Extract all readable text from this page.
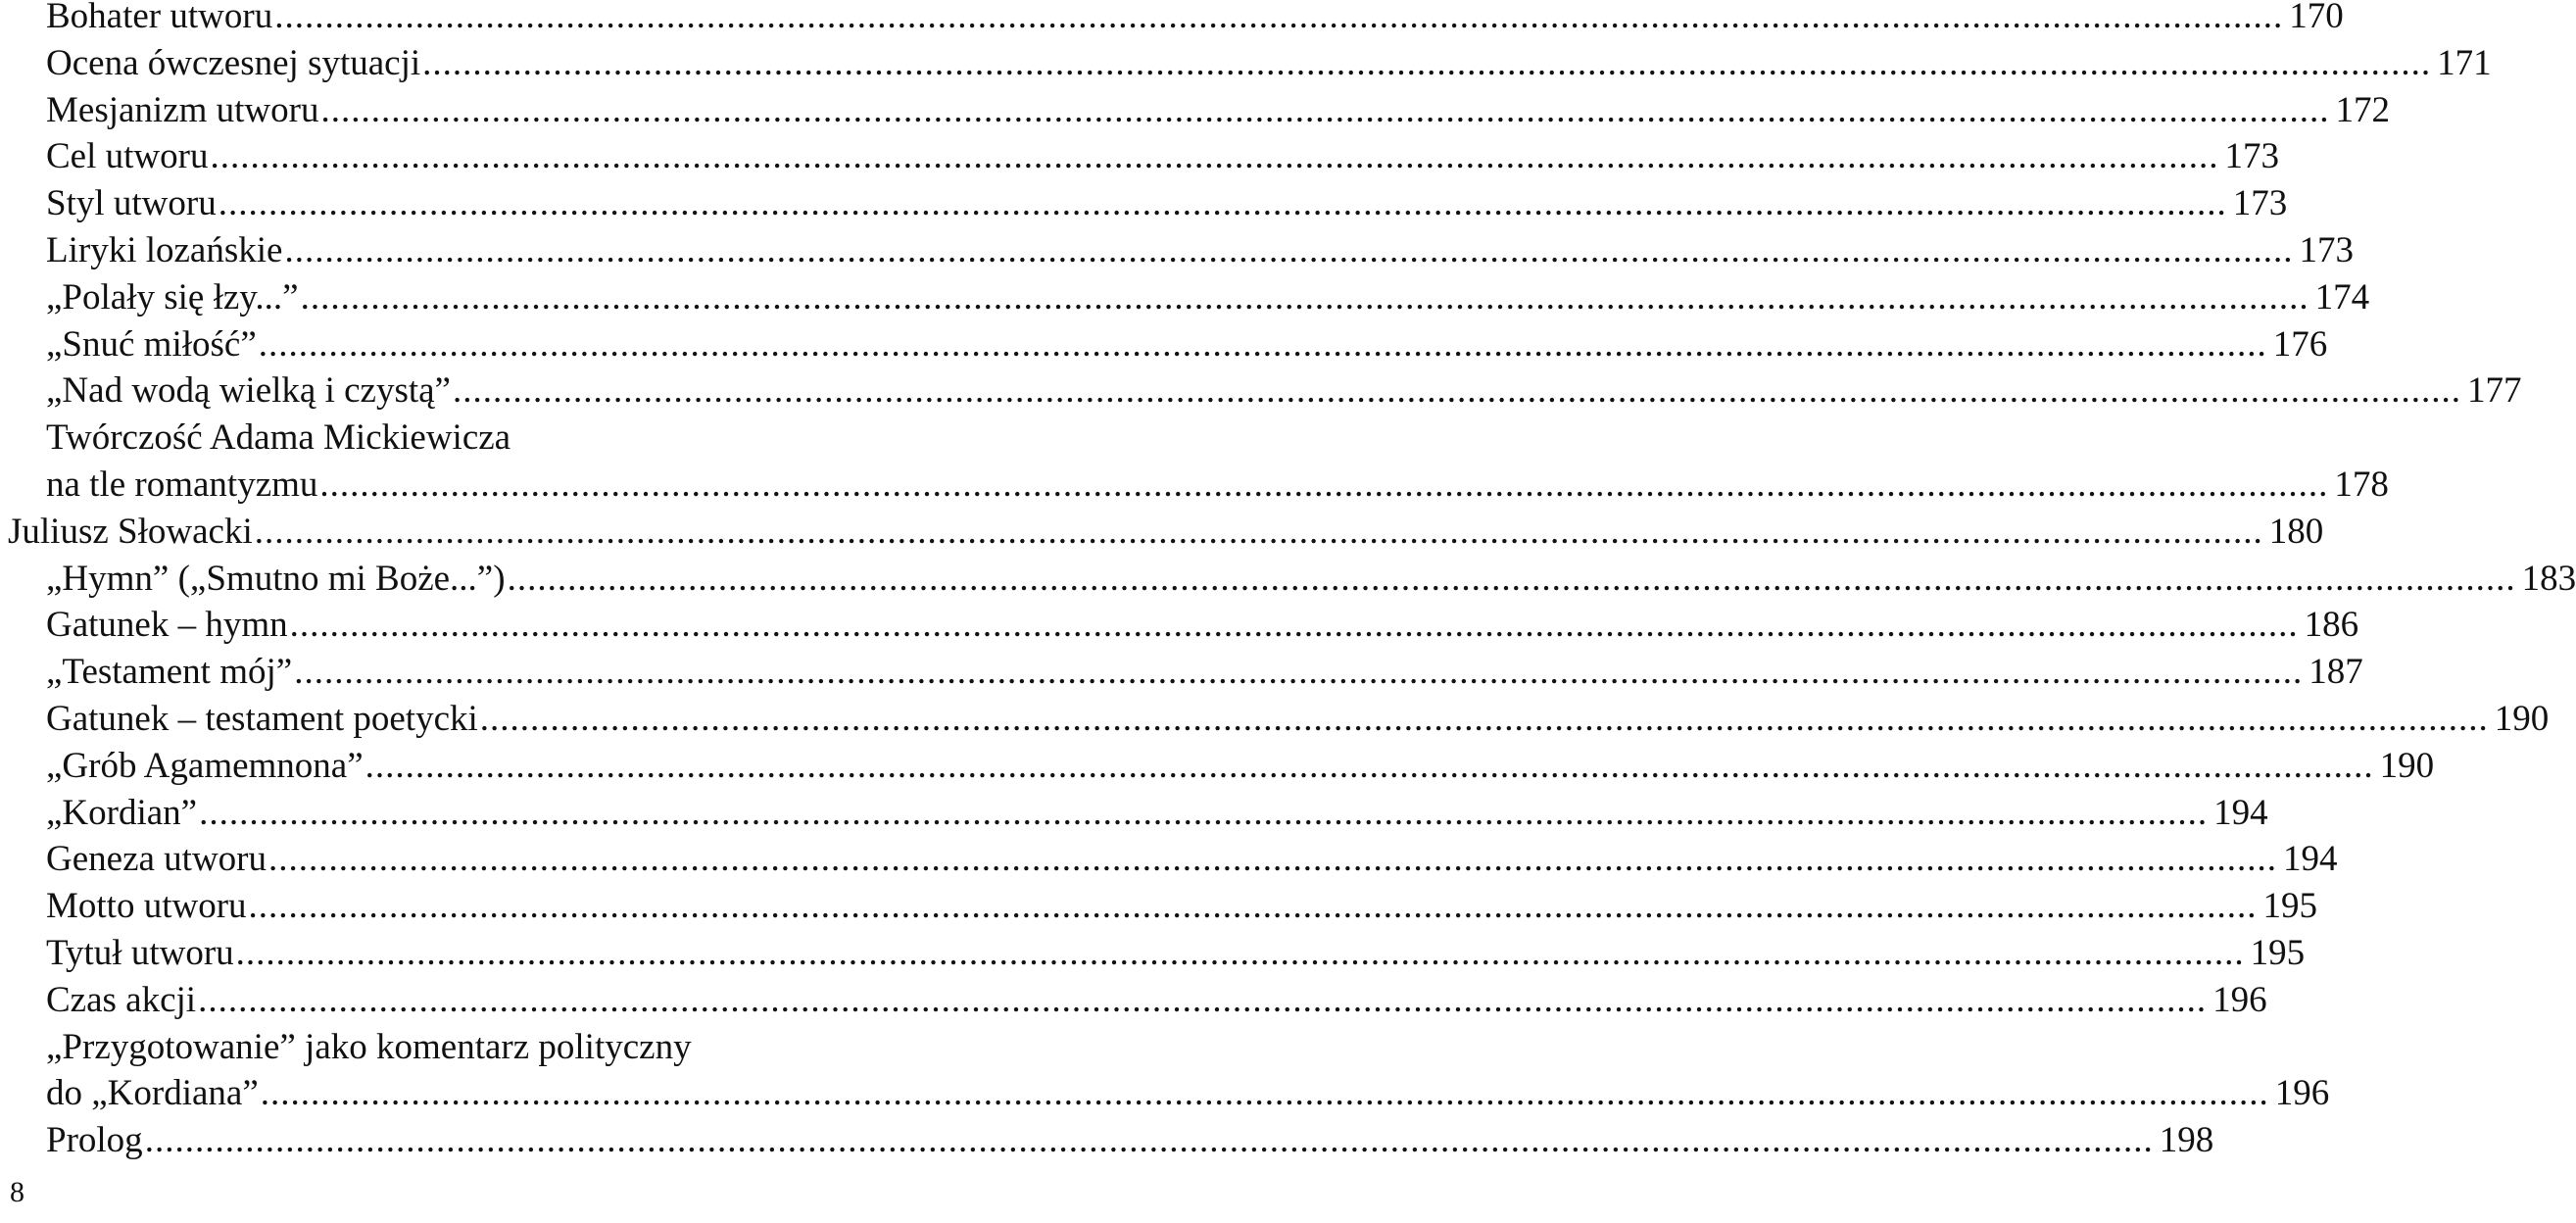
Bohater utworu ........................................................................................................................................................................................................ 170
Ocena ówczesnej sytuacji ........................................................................................................................................................................................................ 171
Mesjanizm utworu ........................................................................................................................................................................................................ 172
Cel utworu ........................................................................................................................................................................................................ 173
Styl utworu ........................................................................................................................................................................................................ 173
Liryki lozańskie ........................................................................................................................................................................................................ 173
„Polały się łzy...” ........................................................................................................................................................................................................ 174
„Snuć miłość” ........................................................................................................................................................................................................ 176
„Nad wodą wielką i czystą” ........................................................................................................................................................................................................ 177
Twórczość Adama Mickiewicza
na tle romantyzmu ........................................................................................................................................................................................................ 178
Juliusz Słowacki ........................................................................................................................................................................................................ 180
„Hymn” („Smutno mi Boże...”) ........................................................................................................................................................................................................ 183
Gatunek – hymn ........................................................................................................................................................................................................ 186
„Testament mój” ........................................................................................................................................................................................................ 187
Gatunek – testament poetycki ........................................................................................................................................................................................................ 190
„Grób Agamemnona” ........................................................................................................................................................................................................ 190
„Kordian” ........................................................................................................................................................................................................ 194
Geneza utworu ........................................................................................................................................................................................................ 194
Motto utworu ........................................................................................................................................................................................................ 195
Tytuł utworu ........................................................................................................................................................................................................ 195
Czas akcji ........................................................................................................................................................................................................ 196
„Przygotowanie” jako komentarz polityczny
do „Kordiana” ........................................................................................................................................................................................................ 196
Prolog ........................................................................................................................................................................................................ 198
8
